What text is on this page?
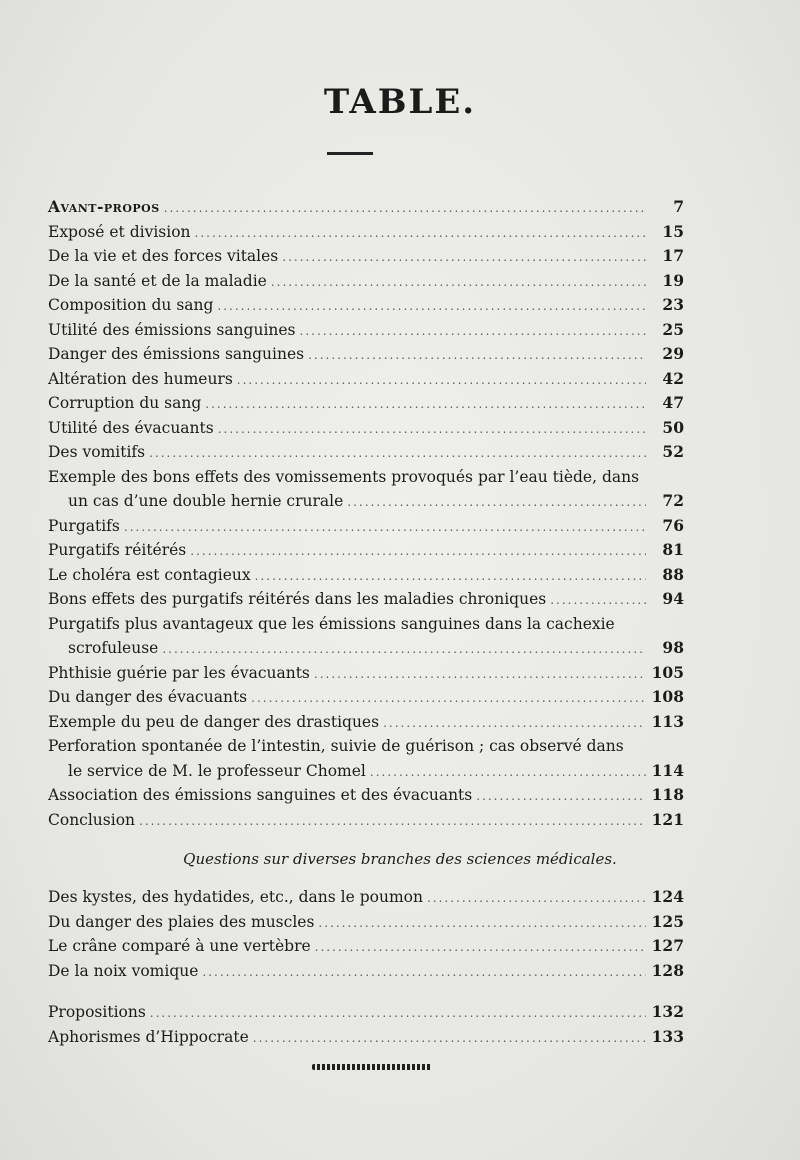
TABLE.
Avant-propos .....	7
Exposé et division .....	15
De la vie et des forces vitales .....	17
De la santé et de la maladie .....	19
Composition du sang .....	23
Utilité des émissions sanguines .....	25
Danger des émissions sanguines .....	29
Altération des humeurs .....	42
Corruption du sang .....	47
Utilité des évacuants .....	50
Des vomitifs .....	52
Exemple des bons effets des vomissements provoqués par l’eau tiède, dans
un cas d’une double hernie crurale .....	72
Purgatifs .....	76
Purgatifs réitérés .....	81
Le choléra est contagieux .....	88
Bons effets des purgatifs réitérés dans les maladies chroniques .....	94
Purgatifs plus avantageux que les émissions sanguines dans la cachexie
scrofuleuse .....	98
Phthisie guérie par les évacuants .....	105
Du danger des évacuants .....	108
Exemple du peu de danger des drastiques .....	113
Perforation spontanée de l’intestin, suivie de guérison ; cas observé dans
le service de M. le professeur Chomel .....	114
Association des émissions sanguines et des évacuants .....	118
Conclusion .....	121
Questions sur diverses branches des sciences médicales.
Des kystes, des hydatides, etc., dans le poumon .....	124
Du danger des plaies des muscles .....	125
Le crâne comparé à une vertèbre .....	127
De la noix vomique .....	128
Propositions .....	132
Aphorismes d’Hippocrate .....	133
